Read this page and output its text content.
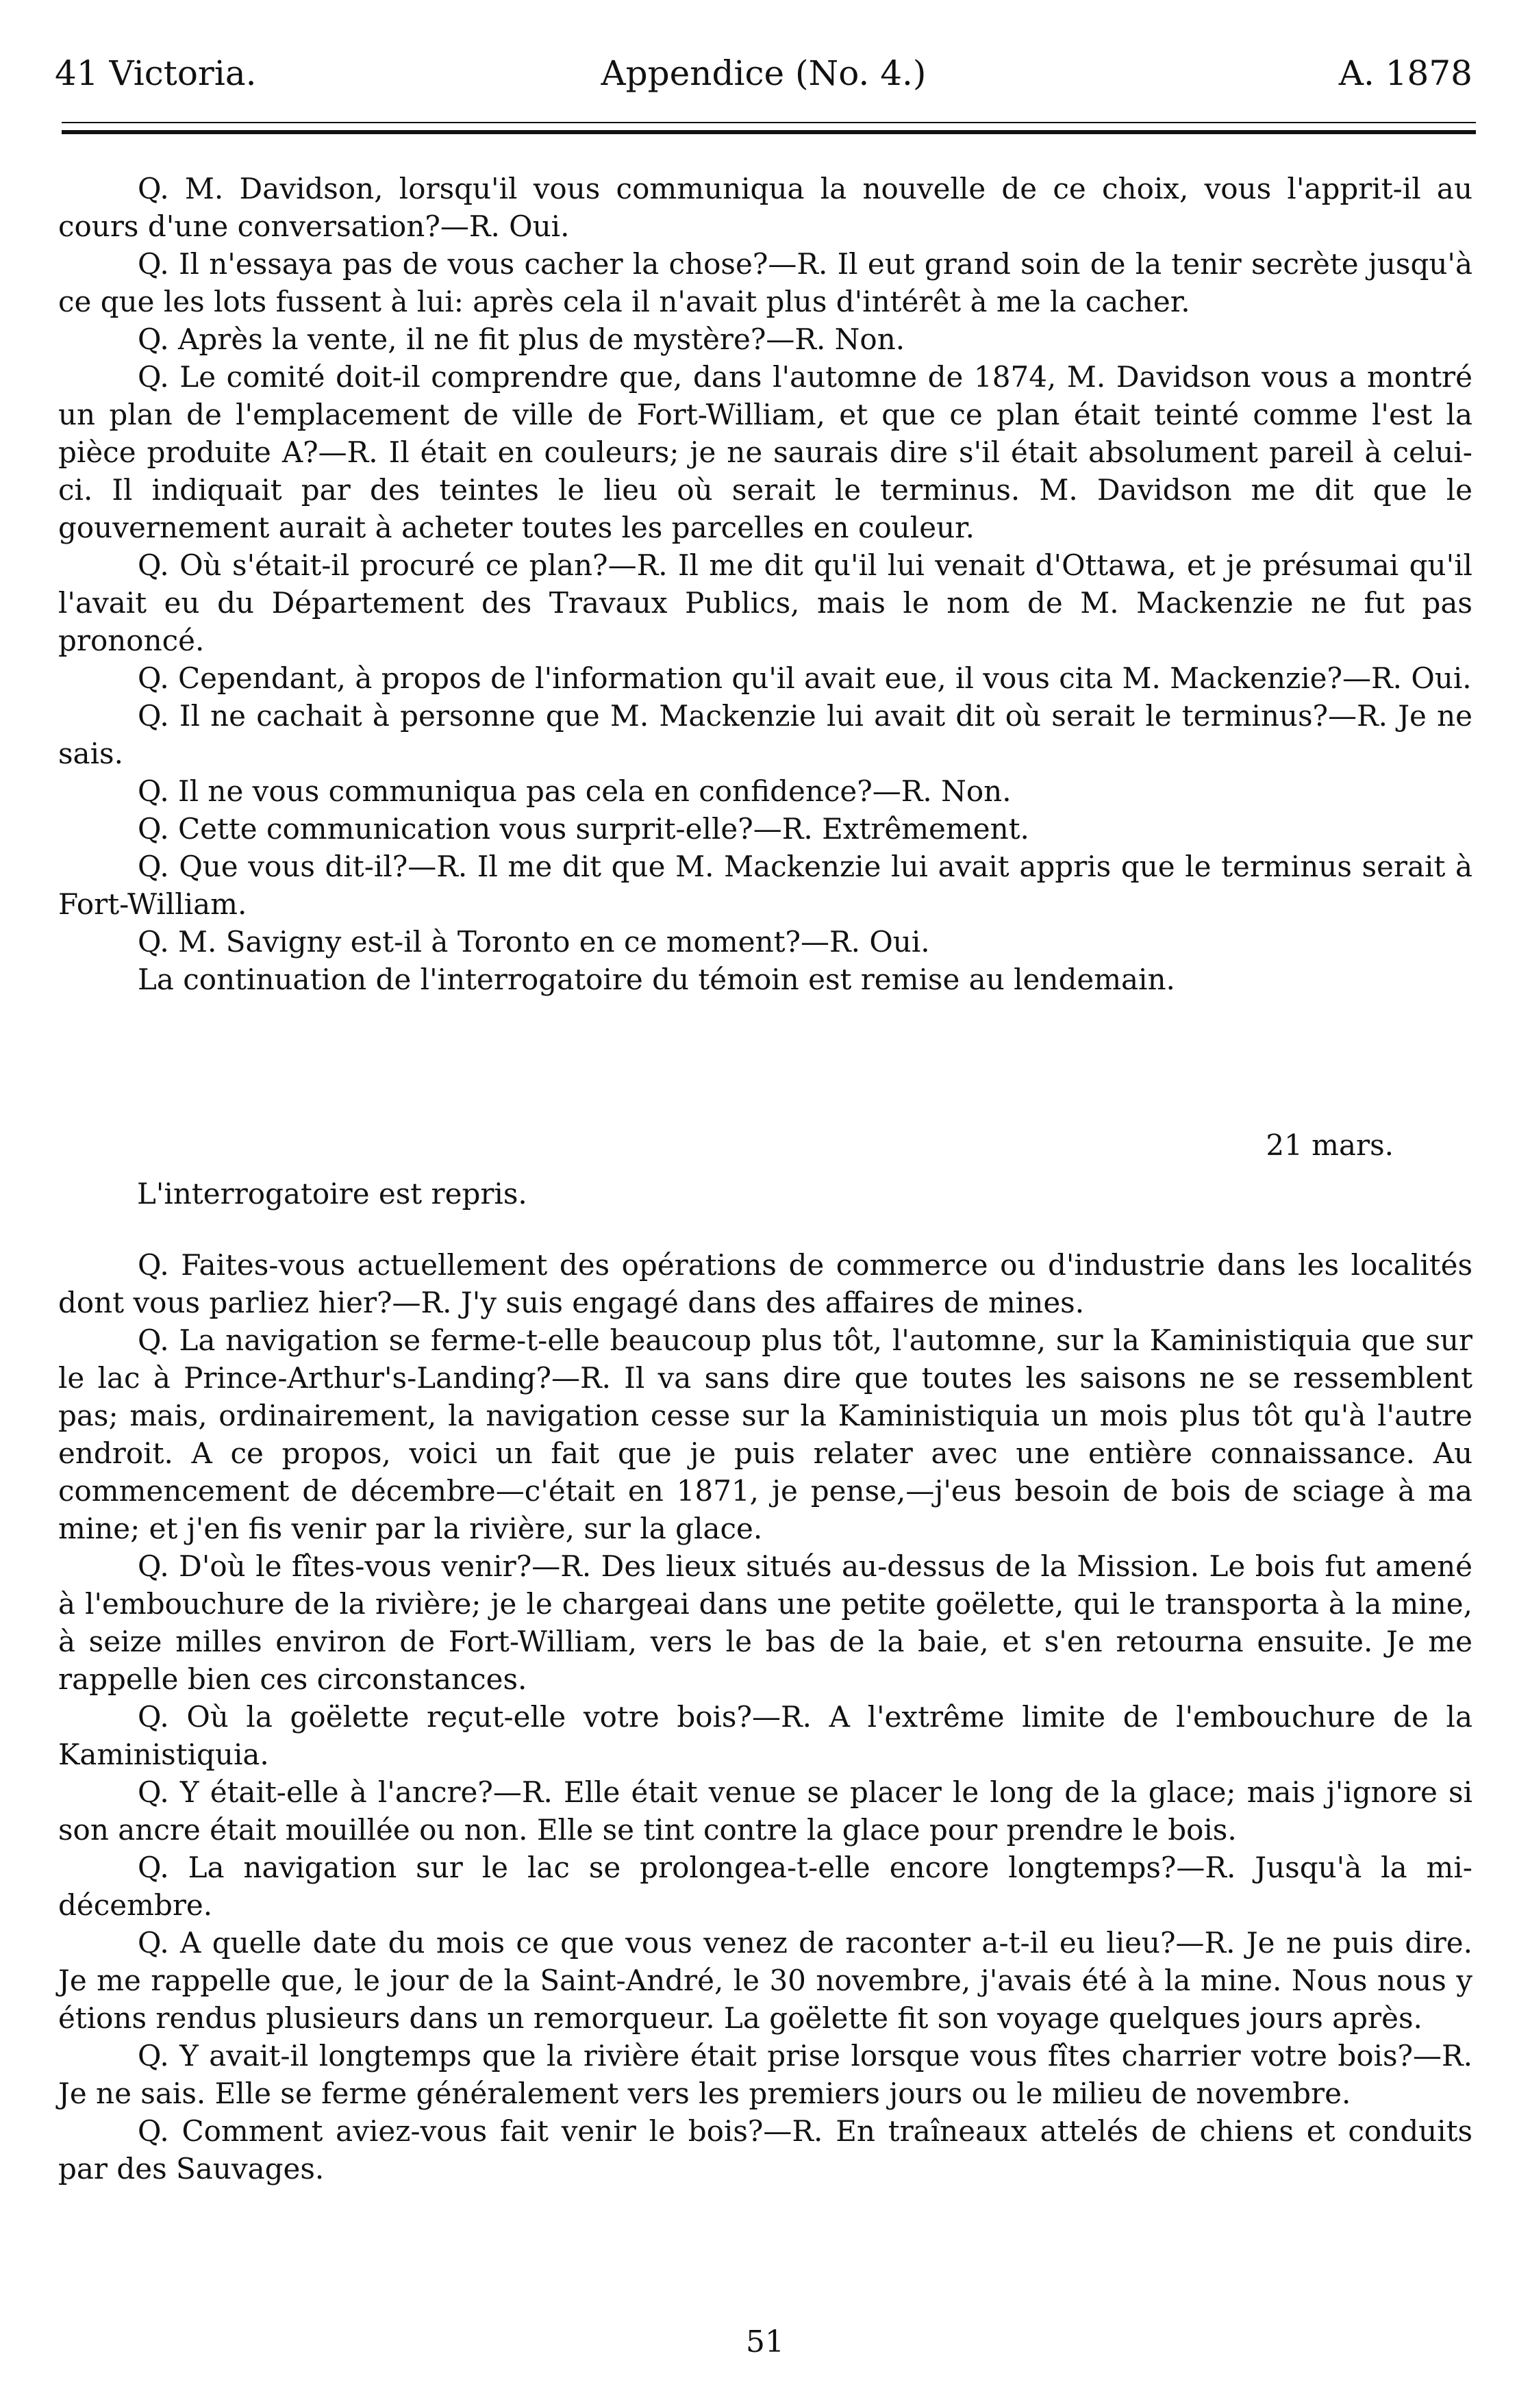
41 Victoria.	Appendice (No. 4.)	A. 1878

Q. M. Davidson, lorsqu'il vous communiqua la nouvelle de ce choix, vous l'apprit-il au cours d'une conversation?—R. Oui.

Q. Il n'essaya pas de vous cacher la chose?—R. Il eut grand soin de la tenir secrète jusqu'à ce que les lots fussent à lui: après cela il n'avait plus d'intérêt à me la cacher.

Q. Après la vente, il ne fit plus de mystère?—R. Non.

Q. Le comité doit-il comprendre que, dans l'automne de 1874, M. Davidson vous a montré un plan de l'emplacement de ville de Fort-William, et que ce plan était teinté comme l'est la pièce produite A?—R. Il était en couleurs; je ne saurais dire s'il était absolument pareil à celui-ci. Il indiquait par des teintes le lieu où serait le terminus. M. Davidson me dit que le gouvernement aurait à acheter toutes les parcelles en couleur.

Q. Où s'était-il procuré ce plan?—R. Il me dit qu'il lui venait d'Ottawa, et je présumai qu'il l'avait eu du Département des Travaux Publics, mais le nom de M. Mackenzie ne fut pas prononcé.

Q. Cependant, à propos de l'information qu'il avait eue, il vous cita M. Mackenzie?—R. Oui.

Q. Il ne cachait à personne que M. Mackenzie lui avait dit où serait le terminus?—R. Je ne sais.

Q. Il ne vous communiqua pas cela en confidence?—R. Non.

Q. Cette communication vous surprit-elle?—R. Extrêmement.

Q. Que vous dit-il?—R. Il me dit que M. Mackenzie lui avait appris que le terminus serait à Fort-William.

Q. M. Savigny est-il à Toronto en ce moment?—R. Oui.

La continuation de l'interrogatoire du témoin est remise au lendemain.

21 mars.
L'interrogatoire est repris.

Q. Faites-vous actuellement des opérations de commerce ou d'industrie dans les localités dont vous parliez hier?—R. J'y suis engagé dans des affaires de mines.

Q. La navigation se ferme-t-elle beaucoup plus tôt, l'automne, sur la Kaministiquia que sur le lac à Prince-Arthur's-Landing?—R. Il va sans dire que toutes les saisons ne se ressemblent pas; mais, ordinairement, la navigation cesse sur la Kaministiquia un mois plus tôt qu'à l'autre endroit. A ce propos, voici un fait que je puis relater avec une entière connaissance. Au commencement de décembre—c'était en 1871, je pense,—j'eus besoin de bois de sciage à ma mine; et j'en fis venir par la rivière, sur la glace.

Q. D'où le fîtes-vous venir?—R. Des lieux situés au-dessus de la Mission. Le bois fut amené à l'embouchure de la rivière; je le chargeai dans une petite goëlette, qui le transporta à la mine, à seize milles environ de Fort-William, vers le bas de la baie, et s'en retourna ensuite. Je me rappelle bien ces circonstances.

Q. Où la goëlette reçut-elle votre bois?—R. A l'extrême limite de l'embouchure de la Kaministiquia.

Q. Y était-elle à l'ancre?—R. Elle était venue se placer le long de la glace; mais j'ignore si son ancre était mouillée ou non. Elle se tint contre la glace pour prendre le bois.

Q. La navigation sur le lac se prolongea-t-elle encore longtemps?—R. Jusqu'à la mi-décembre.

Q. A quelle date du mois ce que vous venez de raconter a-t-il eu lieu?—R. Je ne puis dire. Je me rappelle que, le jour de la Saint-André, le 30 novembre, j'avais été à la mine. Nous nous y étions rendus plusieurs dans un remorqueur. La goëlette fit son voyage quelques jours après.

Q. Y avait-il longtemps que la rivière était prise lorsque vous fîtes charrier votre bois?—R. Je ne sais. Elle se ferme généralement vers les premiers jours ou le milieu de novembre.

Q. Comment aviez-vous fait venir le bois?—R. En traîneaux attelés de chiens et conduits par des Sauvages.

51
